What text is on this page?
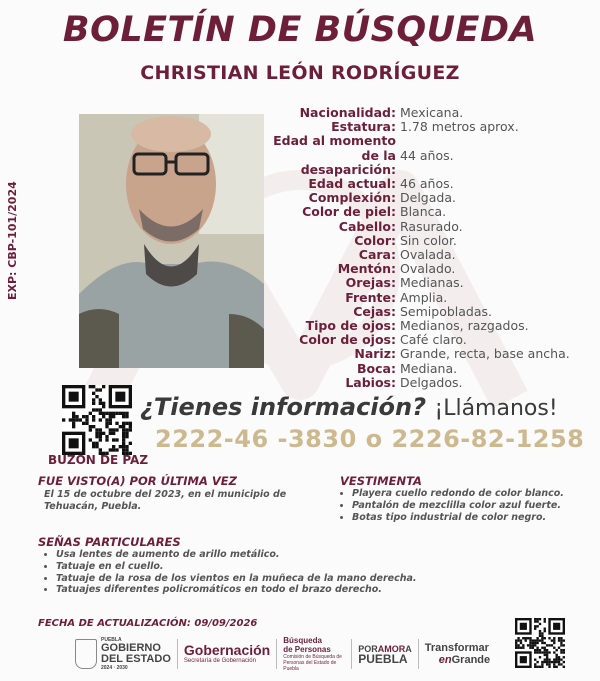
BOLETÍN DE BÚSQUEDA
CHRISTIAN LEÓN RODRÍGUEZ
EXP: CBP-101/2024
Nacionalidad: Mexicana.
Estatura: 1.78 metros aprox.
Edad al momento
de la desaparición:
44 años.
Edad actual: 46 años.
Complexión: Delgada.
Color de piel: Blanca.
Cabello: Rasurado.
Color: Sin color.
Cara: Ovalada.
Mentón: Ovalado.
Orejas: Medianas.
Frente: Amplia.
Cejas: Semipobladas.
Tipo de ojos: Medianos, razgados.
Color de ojos: Café claro.
Nariz: Grande, recta, base ancha.
Boca: Mediana.
Labios: Delgados.
BUZÓN DE PAZ
¿Tienes información? ¡Llámanos!
2222-46 -3830 o 2226-82-1258
FUE VISTO(A) POR ÚLTIMA VEZ
El 15 de octubre del 2023, en el municipio de
Tehuacán, Puebla.
VESTIMENTA
• Playera cuello redondo de color blanco.
• Pantalón de mezclilla color azul fuerte.
• Botas tipo industrial de color negro.
SEÑAS PARTICULARES
• Usa lentes de aumento de arillo metálico.
• Tatuaje en el cuello.
• Tatuaje de la rosa de los vientos en la muñeca de la mano derecha.
• Tatuajes diferentes policromáticos en todo el brazo derecho.
FECHA DE ACTUALIZACIÓN: 09/09/2026
PUEBLA
GOBIERNO
DEL ESTADO
2024 · 2030
Gobernación
Secretaría de Gobernación
Búsqueda
de Personas
Comisión de Búsqueda de Personas del Estado de Puebla
PORAMORA
PUEBLA
Transformar
enGrande
